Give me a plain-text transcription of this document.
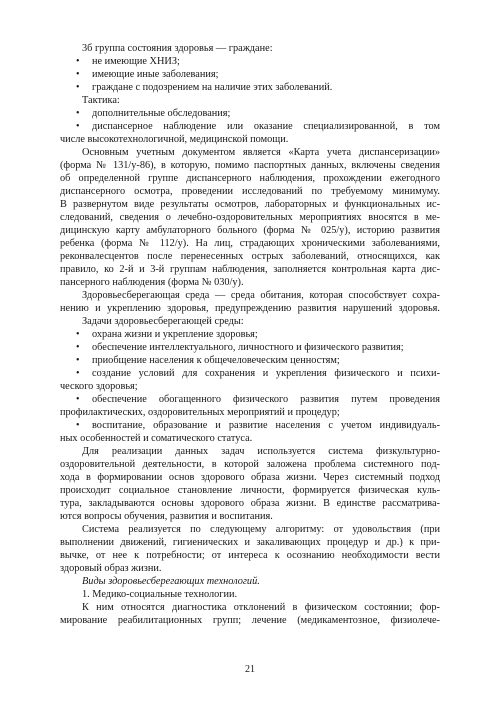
3б группа состояния здоровья — граждане:
• не имеющие ХНИЗ;
• имеющие иные заболевания;
• граждане с подозрением на наличие этих заболеваний.
Тактика:
• дополнительные обследования;
• диспансерное наблюдение или оказание специализированной, в том
числе высокотехнологичной, медицинской помощи.
Основным учетным документом является «Карта учета диспансеризации»
(форма № 131/у-86), в которую, помимо паспортных данных, включены сведения
об определенной группе диспансерного наблюдения, прохождении ежегодного
диспансерного осмотра, проведении исследований по требуемому минимуму.
В развернутом виде результаты осмотров, лабораторных и функциональных ис-
следований, сведения о лечебно-оздоровительных мероприятиях вносятся в ме-
дицинскую карту амбулаторного больного (форма № 025/у), историю развития
ребенка (форма № 112/у). На лиц, страдающих хроническими заболеваниями,
реконвалесцентов после перенесенных острых заболеваний, относящихся, как
правило, ко 2-й и 3-й группам наблюдения, заполняется контрольная карта дис-
пансерного наблюдения (форма № 030/у).
Здоровьесберегающая среда — среда обитания, которая способствует сохра-
нению и укреплению здоровья, предупреждению развития нарушений здоровья.
Задачи здоровьесберегающей среды:
• охрана жизни и укрепление здоровья;
• обеспечение интеллектуального, личностного и физического развития;
• приобщение населения к общечеловеческим ценностям;
• создание условий для сохранения и укрепления физического и психи-
ческого здоровья;
• обеспечение обогащенного физического развития путем проведения
профилактических, оздоровительных мероприятий и процедур;
• воспитание, образование и развитие населения с учетом индивидуаль-
ных особенностей и соматического статуса.
Для реализации данных задач используется система физкультурно-
оздоровительной деятельности, в которой заложена проблема системного под-
хода в формировании основ здорового образа жизни. Через системный подход
происходит социальное становление личности, формируется физическая куль-
тура, закладываются основы здорового образа жизни. В единстве рассматрива-
ются вопросы обучения, развития и воспитания.
Система реализуется по следующему алгоритму: от удовольствия (при
выполнении движений, гигиенических и закаливающих процедур и др.) к при-
вычке, от нее к потребности; от интереса к осознанию необходимости вести
здоровый образ жизни.
Виды здоровьесберегающих технологий.
1. Медико-социальные технологии.
К ним относятся диагностика отклонений в физическом состоянии; фор-
мирование реабилитационных групп; лечение (медикаментозное, физиолече-
21
